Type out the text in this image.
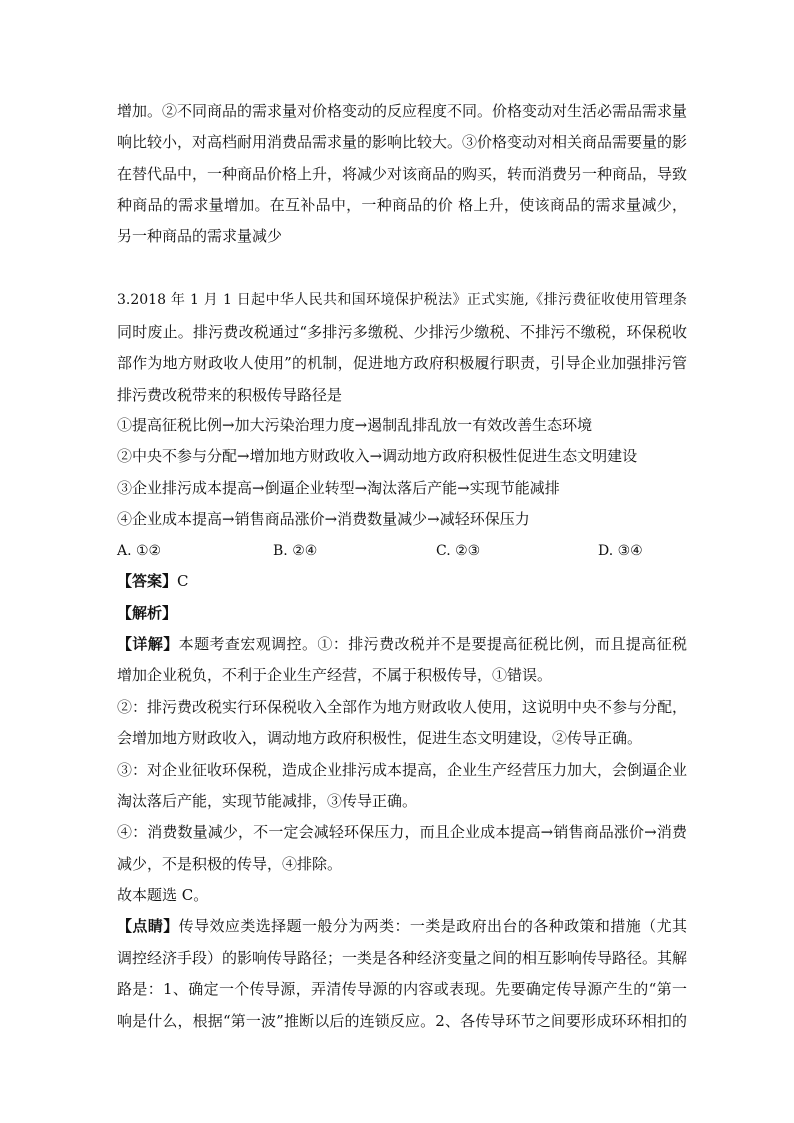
增加。②不同商品的需求量对价格变动的反应程度不同。价格变动对生活必需品需求量
响比较小，对高档耐用消费品需求量的影响比较大。③价格变动对相关商品需要量的影
在替代品中，一种商品价格上升，将减少对该商品的购买，转而消费另一种商品，导致
种商品的需求量增加。在互补品中，一种商品的价 格上升，使该商品的需求量减少，
另一种商品的需求量减少
3.2018 年 1 月 1 日起中华人民共和国环境保护税法》正式实施,《排污费征收使用管理条
同时废止。排污费改税通过“多排污多缴税、少排污少缴税、不排污不缴税，环保税收
部作为地方财政收人使用”的机制，促进地方政府积极履行职责，引导企业加强排污管
排污费改税带来的积极传导路径是
①提高征税比例→加大污染治理力度→遏制乱排乱放一有效改善生态环境
②中央不参与分配→增加地方财政收入→调动地方政府积极性促进生态文明建设
③企业排污成本提高→倒逼企业转型→淘汰落后产能→实现节能减排
④企业成本提高→销售商品涨价→消费数量减少→减轻环保压力
A. ①②	B. ②④	C. ②③	D. ③④
【答案】C
【解析】
【详解】本题考查宏观调控。①：排污费改税并不是要提高征税比例，而且提高征税
增加企业税负，不利于企业生产经营，不属于积极传导，①错误。
②：排污费改税实行环保税收入全部作为地方财政收人使用，这说明中央不参与分配，
会增加地方财政收入，调动地方政府积极性，促进生态文明建设，②传导正确。
③：对企业征收环保税，造成企业排污成本提高，企业生产经营压力加大，会倒逼企业
淘汰落后产能，实现节能减排，③传导正确。
④：消费数量减少，不一定会减轻环保压力，而且企业成本提高→销售商品涨价→消费
减少，不是积极的传导，④排除。
故本题选 C。
【点睛】传导效应类选择题一般分为两类：一类是政府出台的各种政策和措施（尤其
调控经济手段）的影响传导路径；一类是各种经济变量之间的相互影响传导路径。其解
路是：1、确定一个传导源，弄清传导源的内容或表现。先要确定传导源产生的“第一
响是什么，根据“第一波”推断以后的连锁反应。2、各传导环节之间要形成环环相扣的
